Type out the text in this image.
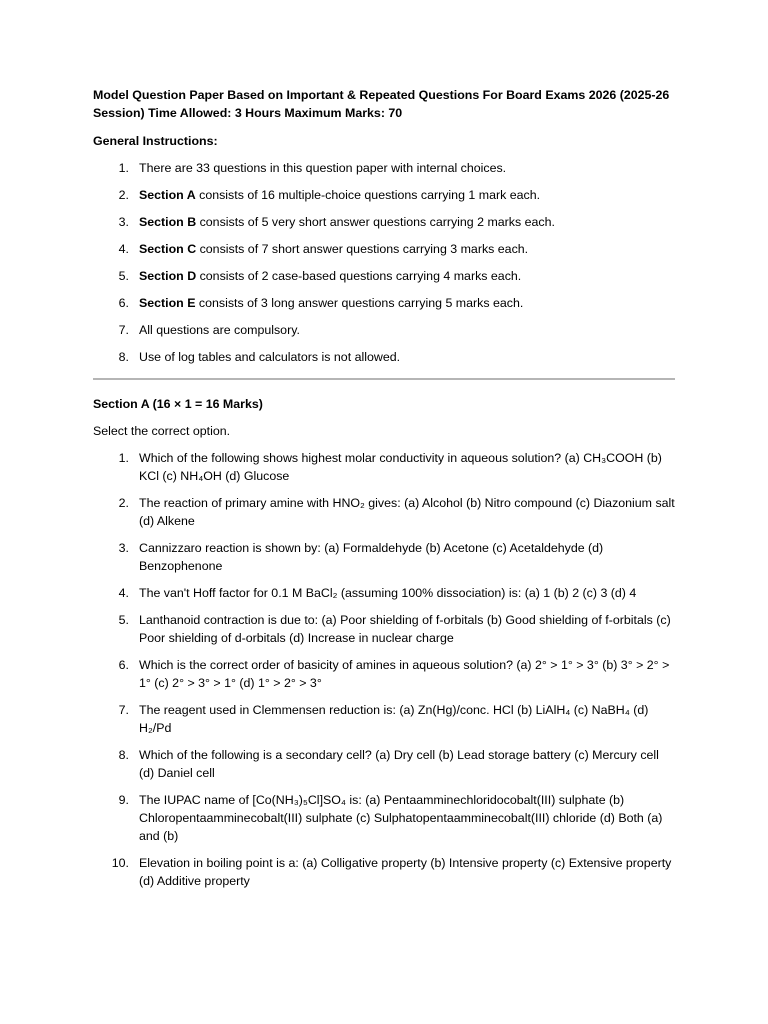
Model Question Paper Based on Important & Repeated Questions For Board Exams 2026 (2025-26 Session) Time Allowed: 3 Hours Maximum Marks: 70
General Instructions:
1. There are 33 questions in this question paper with internal choices.
2. Section A consists of 16 multiple-choice questions carrying 1 mark each.
3. Section B consists of 5 very short answer questions carrying 2 marks each.
4. Section C consists of 7 short answer questions carrying 3 marks each.
5. Section D consists of 2 case-based questions carrying 4 marks each.
6. Section E consists of 3 long answer questions carrying 5 marks each.
7. All questions are compulsory.
8. Use of log tables and calculators is not allowed.
Section A (16 × 1 = 16 Marks)
Select the correct option.
1. Which of the following shows highest molar conductivity in aqueous solution? (a) CH₃COOH (b) KCl (c) NH₄OH (d) Glucose
2. The reaction of primary amine with HNO₂ gives: (a) Alcohol (b) Nitro compound (c) Diazonium salt (d) Alkene
3. Cannizzaro reaction is shown by: (a) Formaldehyde (b) Acetone (c) Acetaldehyde (d) Benzophenone
4. The van't Hoff factor for 0.1 M BaCl₂ (assuming 100% dissociation) is: (a) 1 (b) 2 (c) 3 (d) 4
5. Lanthanoid contraction is due to: (a) Poor shielding of f-orbitals (b) Good shielding of f-orbitals (c) Poor shielding of d-orbitals (d) Increase in nuclear charge
6. Which is the correct order of basicity of amines in aqueous solution? (a) 2° > 1° > 3° (b) 3° > 2° > 1° (c) 2° > 3° > 1° (d) 1° > 2° > 3°
7. The reagent used in Clemmensen reduction is: (a) Zn(Hg)/conc. HCl (b) LiAlH₄ (c) NaBH₄ (d) H₂/Pd
8. Which of the following is a secondary cell? (a) Dry cell (b) Lead storage battery (c) Mercury cell (d) Daniel cell
9. The IUPAC name of [Co(NH₃)₅Cl]SO₄ is: (a) Pentaamminechloridocobalt(III) sulphate (b) Chloropentaamminecobalt(III) sulphate (c) Sulphatopentaamminecobalt(III) chloride (d) Both (a) and (b)
10. Elevation in boiling point is a: (a) Colligative property (b) Intensive property (c) Extensive property (d) Additive property
